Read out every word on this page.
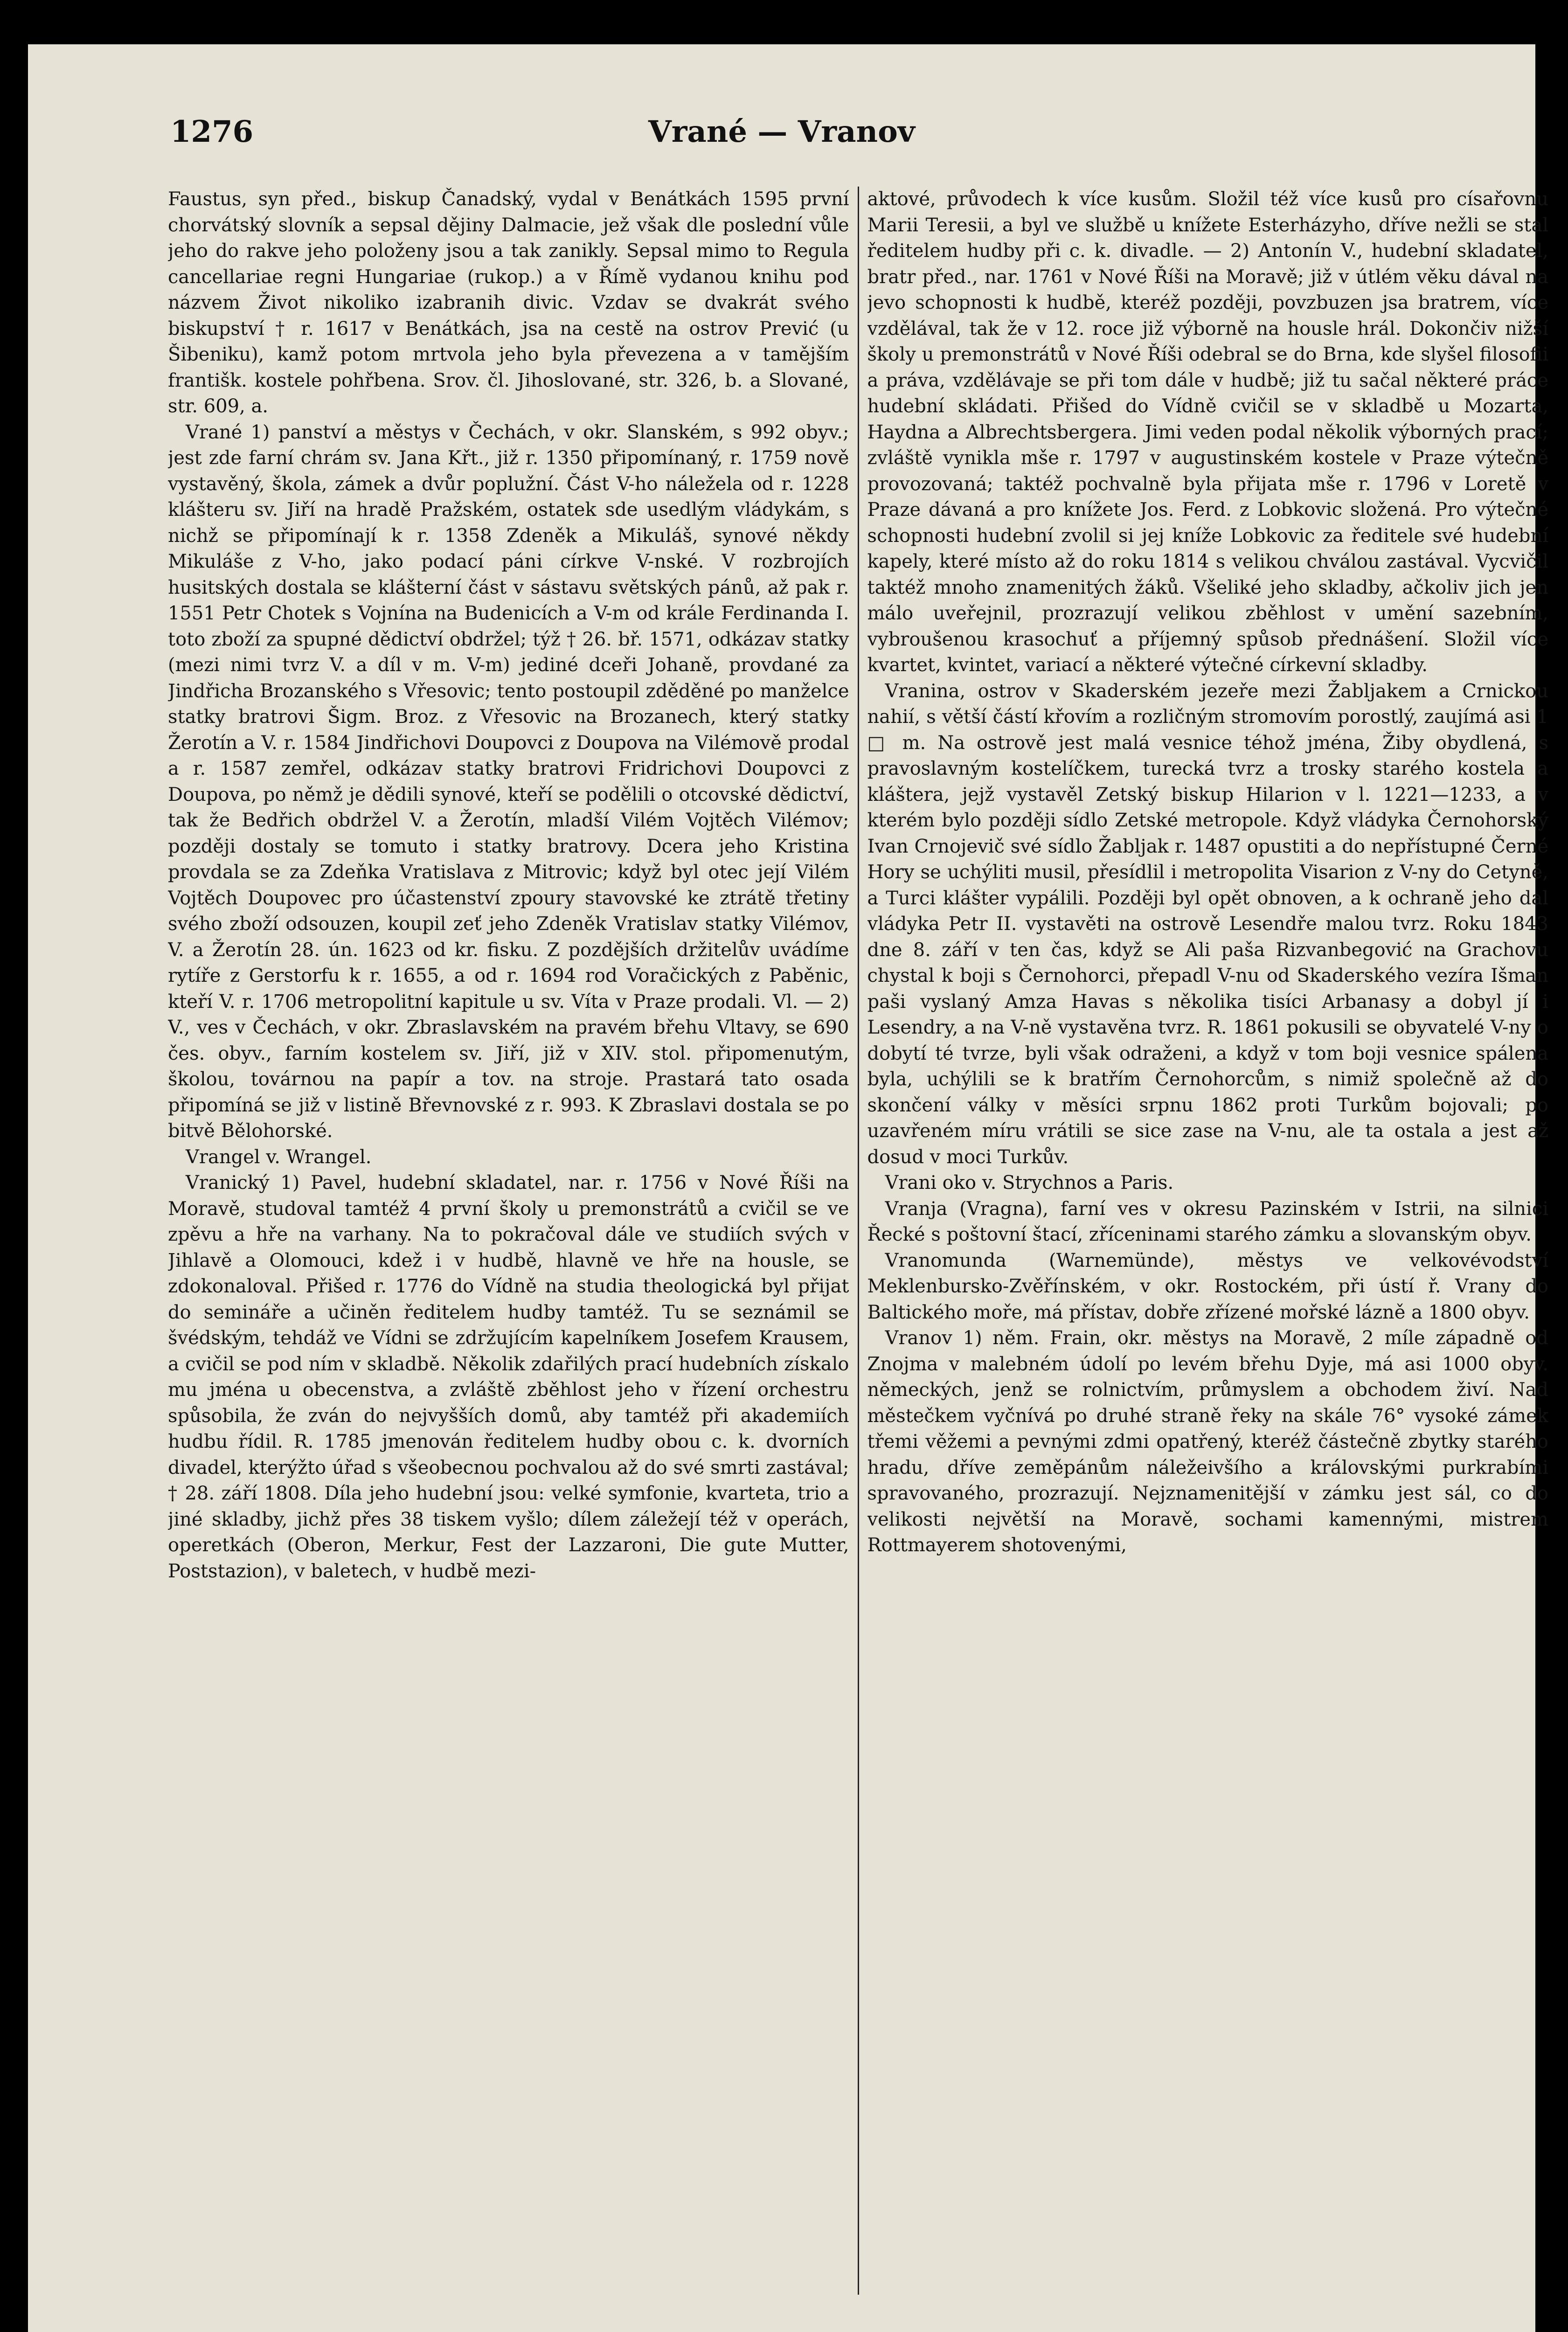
1276	Vrané — Vranov

Faustus, syn před., biskup Čanadský, vydal v Benátkách 1595 první chorvátský slovník a sepsal dějiny Dalmacie, jež však dle poslední vůle jeho do rakve jeho položeny jsou a tak zanikly. Sepsal mimo to Regula cancellariae regni Hungariae (rukop.) a v Římě vydanou knihu pod názvem Život nikoliko izabranih divic. Vzdav se dvakrát svého biskupství † r. 1617 v Benátkách, jsa na cestě na ostrov Prević (u Šibeniku), kamž potom mrtvola jeho byla převezena a v tamějším františk. kostele pohřbena. Srov. čl. Jihoslované, str. 326, b. a Slované, str. 609, a.

Vrané 1) panství a městys v Čechách, v okr. Slanském, s 992 obyv.; jest zde farní chrám sv. Jana Křt., již r. 1350 připomínaný, r. 1759 nově vystavěný, škola, zámek a dvůr poplužní. Část V-ho náležela od r. 1228 klášteru sv. Jiří na hradě Pražském, ostatek sde usedlým vládykám, s nichž se připomínají k r. 1358 Zdeněk a Mikuláš, synové někdy Mikuláše z V-ho, jako podací páni církve V-nské. V rozbrojích husitských dostala se klášterní část v sástavu světských pánů, až pak r. 1551 Petr Chotek s Vojnína na Budenicích a V-m od krále Ferdinanda I. toto zboží za spupné dědictví obdržel; týž † 26. bř. 1571, odkázav statky (mezi nimi tvrz V. a díl v m. V-m) jediné dceři Johaně, provdané za Jindřicha Brozanského s Vřesovic; tento postoupil zděděné po manželce statky bratrovi Šigm. Broz. z Vřesovic na Brozanech, který statky Žerotín a V. r. 1584 Jindřichovi Doupovci z Doupova na Vilémově prodal a r. 1587 zemřel, odkázav statky bratrovi Fridrichovi Doupovci z Doupova, po němž je dědili synové, kteří se podělili o otcovské dědictví, tak že Bedřich obdržel V. a Žerotín, mladší Vilém Vojtěch Vilémov; později dostaly se tomuto i statky bratrovy. Dcera jeho Kristina provdala se za Zdeňka Vratislava z Mitrovic; když byl otec její Vilém Vojtěch Doupovec pro účastenství zpoury stavovské ke ztrátě třetiny svého zboží odsouzen, koupil zeť jeho Zdeněk Vratislav statky Vilémov, V. a Žerotín 28. ún. 1623 od kr. fisku. Z pozdějších držitelův uvádíme rytíře z Gerstorfu k r. 1655, a od r. 1694 rod Voračických z Paběnic, kteří V. r. 1706 metropolitní kapitule u sv. Víta v Praze prodali. Vl. — 2) V., ves v Čechách, v okr. Zbraslavském na pravém břehu Vltavy, se 690 čes. obyv., farním kostelem sv. Jiří, již v XIV. stol. připomenutým, školou, továrnou na papír a tov. na stroje. Prastará tato osada připomíná se již v listině Břevnovské z r. 993. K Zbraslavi dostala se po bitvě Bělohorské.

Vrangel v. Wrangel.

Vranický 1) Pavel, hudební skladatel, nar. r. 1756 v Nové Říši na Moravě, studoval tamtéž 4 první školy u premonstrátů a cvičil se ve zpěvu a hře na varhany. Na to pokračoval dále ve studiích svých v Jihlavě a Olomouci, kdež i v hudbě, hlavně ve hře na housle, se zdokonaloval. Přišed r. 1776 do Vídně na studia theologická byl přijat do semináře a učiněn ředitelem hudby tamtéž. Tu se seznámil se švédským, tehdáž ve Vídni se zdržujícím kapelníkem Josefem Krausem, a cvičil se pod ním v skladbě. Několik zdařilých prací hudebních získalo mu jména u obecenstva, a zvláště zběhlost jeho v řízení orchestru spůsobila, že zván do nejvyšších domů, aby tamtéž při akademiích hudbu řídil. R. 1785 jmenován ředitelem hudby obou c. k. dvorních divadel, kterýžto úřad s všeobecnou pochvalou až do své smrti zastával; † 28. září 1808. Díla jeho hudební jsou: velké symfonie, kvarteta, trio a jiné skladby, jichž přes 38 tiskem vyšlo; dílem záležejí též v operách, operetkách (Oberon, Merkur, Fest der Lazzaroni, Die gute Mutter, Poststazion), v baletech, v hudbě mezi-

aktové, průvodech k více kusům. Složil též více kusů pro císařovnu Marii Teresii, a byl ve službě u knížete Esterházyho, dříve nežli se stal ředitelem hudby při c. k. divadle. — 2) Antonín V., hudební skladatel, bratr před., nar. 1761 v Nové Říši na Moravě; již v útlém věku dával na jevo schopnosti k hudbě, kteréž později, povzbuzen jsa bratrem, více vzdělával, tak že v 12. roce již výborně na housle hrál. Dokončiv nižší školy u premonstrátů v Nové Říši odebral se do Brna, kde slyšel filosofii a práva, vzdělávaje se při tom dále v hudbě; již tu sačal některé práce hudební skládati. Přišed do Vídně cvičil se v skladbě u Mozarta, Haydna a Albrechtsbergera. Jimi veden podal několik výborných prací; zvláště vynikla mše r. 1797 v augustinském kostele v Praze výtečně provozovaná; taktéž pochvalně byla přijata mše r. 1796 v Loretě v Praze dávaná a pro knížete Jos. Ferd. z Lobkovic složená. Pro výtečné schopnosti hudební zvolil si jej kníže Lobkovic za ředitele své hudební kapely, které místo až do roku 1814 s velikou chválou zastával. Vycvičil taktéž mnoho znamenitých žáků. Všeliké jeho skladby, ačkoliv jich jen málo uveřejnil, prozrazují velikou zběhlost v umění sazebním, vybroušenou krasochuť a příjemný spůsob přednášení. Složil více kvartet, kvintet, variací a některé výtečné církevní skladby.

Vranina, ostrov v Skaderském jezeře mezi Žabljakem a Crnickou nahií, s větší částí křovím a rozličným stromovím porostlý, zaujímá asi 1 □ m. Na ostrově jest malá vesnice téhož jména, Žiby obydlená, s pravoslavným kostelíčkem, turecká tvrz a trosky starého kostela a kláštera, jejž vystavěl Zetský biskup Hilarion v l. 1221—1233, a v kterém bylo později sídlo Zetské metropole. Když vládyka Černohorský Ivan Crnojevič své sídlo Žabljak r. 1487 opustiti a do nepřístupné Černé Hory se uchýliti musil, přesídlil i metropolita Visarion z V-ny do Cetyně, a Turci klášter vypálili. Později byl opět obnoven, a k ochraně jeho dal vládyka Petr II. vystavěti na ostrově Lesendře malou tvrz. Roku 1843 dne 8. září v ten čas, když se Ali paša Rizvanbegović na Grachovu chystal k boji s Černohorci, přepadl V-nu od Skaderského vezíra Išman paši vyslaný Amza Havas s několika tisíci Arbanasy a dobyl jí i Lesendry, a na V-ně vystavěna tvrz. R. 1861 pokusili se obyvatelé V-ny o dobytí té tvrze, byli však odraženi, a když v tom boji vesnice spálena byla, uchýlili se k bratřím Černohorcům, s nimiž společně až do skončení války v měsíci srpnu 1862 proti Turkům bojovali; po uzavřeném míru vrátili se sice zase na V-nu, ale ta ostala a jest až dosud v moci Turkův.

Vrani oko v. Strychnos a Paris.

Vranja (Vragna), farní ves v okresu Pazinském v Istrii, na silnici Řecké s poštovní štací, zříceninami starého zámku a slovanským obyv.

Vranomunda (Warnemünde), městys ve velkovévodství Meklenbursko-Zvěřínském, v okr. Rostockém, při ústí ř. Vrany do Baltického moře, má přístav, dobře zřízené mořské lázně a 1800 obyv.

Vranov 1) něm. Frain, okr. městys na Moravě, 2 míle západně od Znojma v malebném údolí po levém břehu Dyje, má asi 1000 obyv. německých, jenž se rolnictvím, průmyslem a obchodem živí. Nad městečkem vyčnívá po druhé straně řeky na skále 76° vysoké zámek třemi věžemi a pevnými zdmi opatřený, kteréž částečně zbytky starého hradu, dříve zeměpánům náležeivšího a královskými purkrabími spravovaného, prozrazují. Nejznamenitější v zámku jest sál, co do velikosti největší na Moravě, sochami kamennými, mistrem Rottmayerem shotovenými,
